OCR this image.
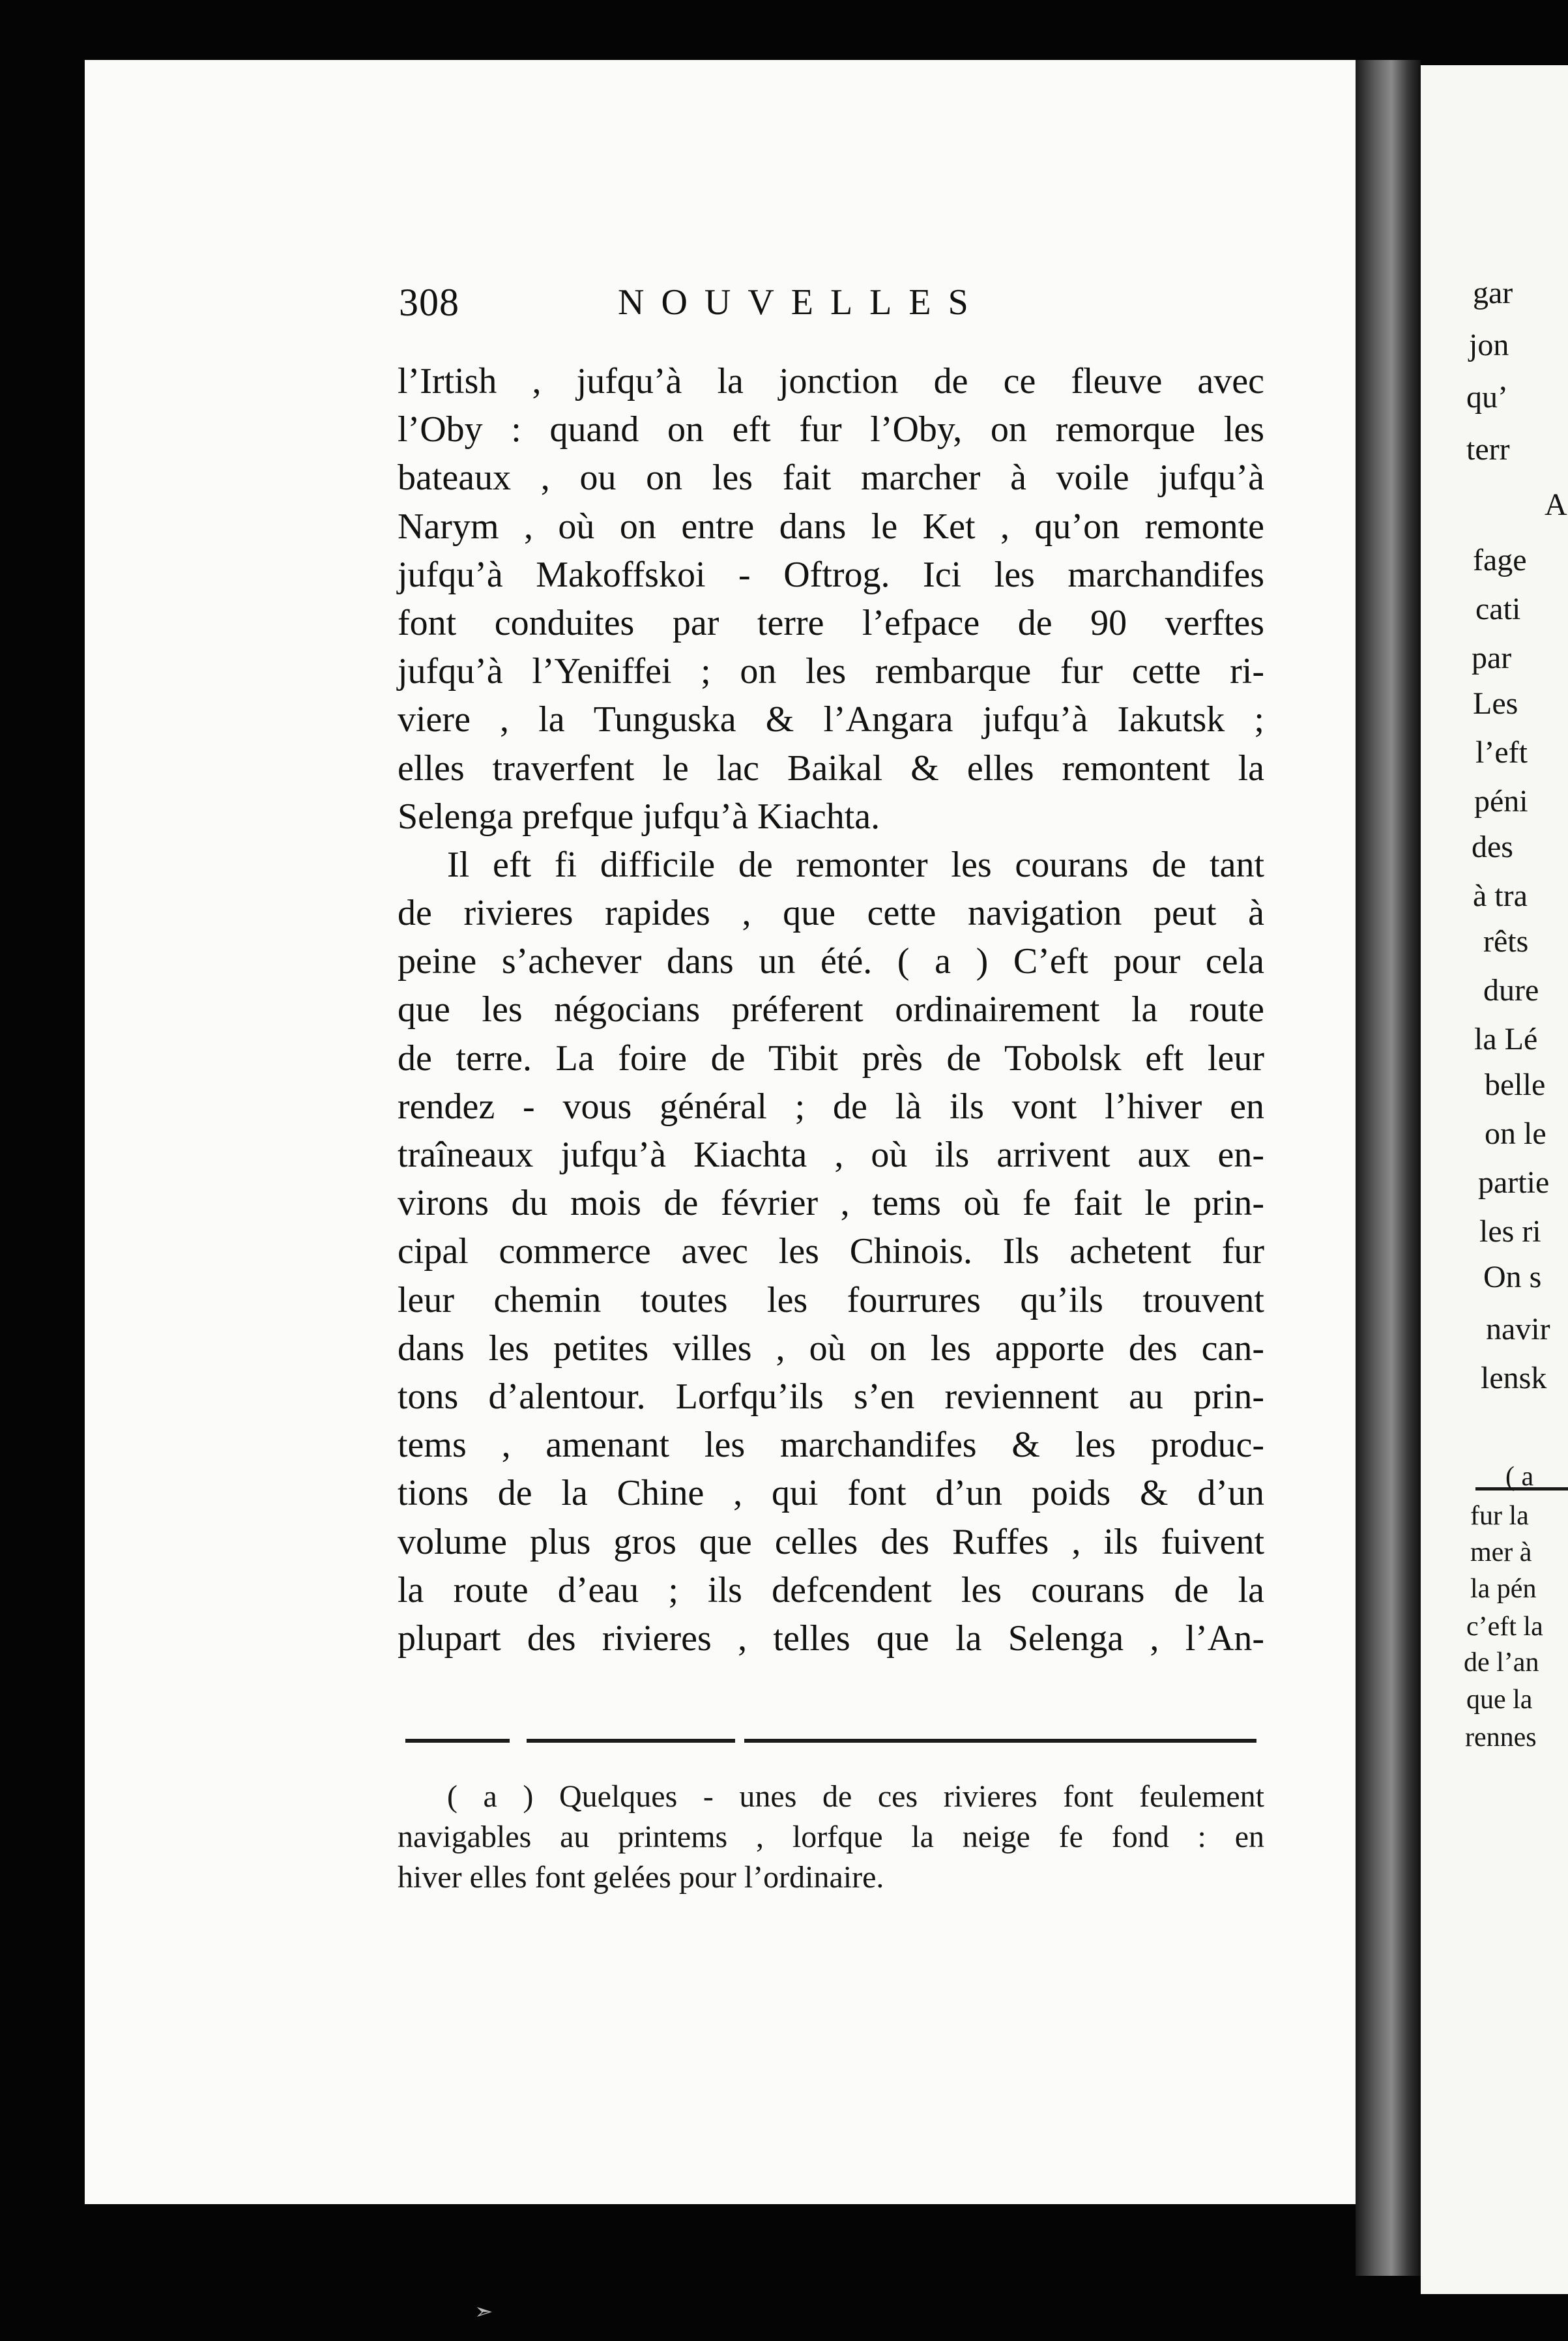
gar
jon
qu’
terr
A
fage
cati
par
Les
l’eft
péni
des
à tra
rêts
dure
la Lé
belle
on le
partie
les ri
On s
navir
lensk
( a
fur la
mer à
la pén
c’eft la
de l’an
que la
rennes
308	NOUVELLES
l’Irtish , jufqu’à la jonction de ce fleuve avec
l’Oby : quand on eft fur l’Oby, on remorque les
bateaux , ou on les fait marcher à voile jufqu’à
Narym , où on entre dans le Ket , qu’on remonte
jufqu’à Makoffskoi - Oftrog. Ici les marchandifes
font conduites par terre l’efpace de 90 verftes
jufqu’à l’Yeniffei ; on les rembarque fur cette ri-
viere , la Tunguska & l’Angara jufqu’à Iakutsk ;
elles traverfent le lac Baikal & elles remontent la
Selenga prefque jufqu’à Kiachta.
Il eft fi difficile de remonter les courans de tant
de rivieres rapides , que cette navigation peut à
peine s’achever dans un été. ( a ) C’eft pour cela
que les négocians préferent ordinairement la route
de terre. La foire de Tibit près de Tobolsk eft leur
rendez - vous général ; de là ils vont l’hiver en
traîneaux jufqu’à Kiachta , où ils arrivent aux en-
virons du mois de février , tems où fe fait le prin-
cipal commerce avec les Chinois. Ils achetent fur
leur chemin toutes les fourrures qu’ils trouvent
dans les petites villes , où on les apporte des can-
tons d’alentour. Lorfqu’ils s’en reviennent au prin-
tems , amenant les marchandifes & les produc-
tions de la Chine , qui font d’un poids & d’un
volume plus gros que celles des Ruffes , ils fuivent
la route d’eau ; ils defcendent les courans de la
plupart des rivieres , telles que la Selenga , l’An-
( a ) Quelques - unes de ces rivieres font feulement
navigables au printems , lorfque la neige fe fond : en
hiver elles font gelées pour l’ordinaire.
➣
